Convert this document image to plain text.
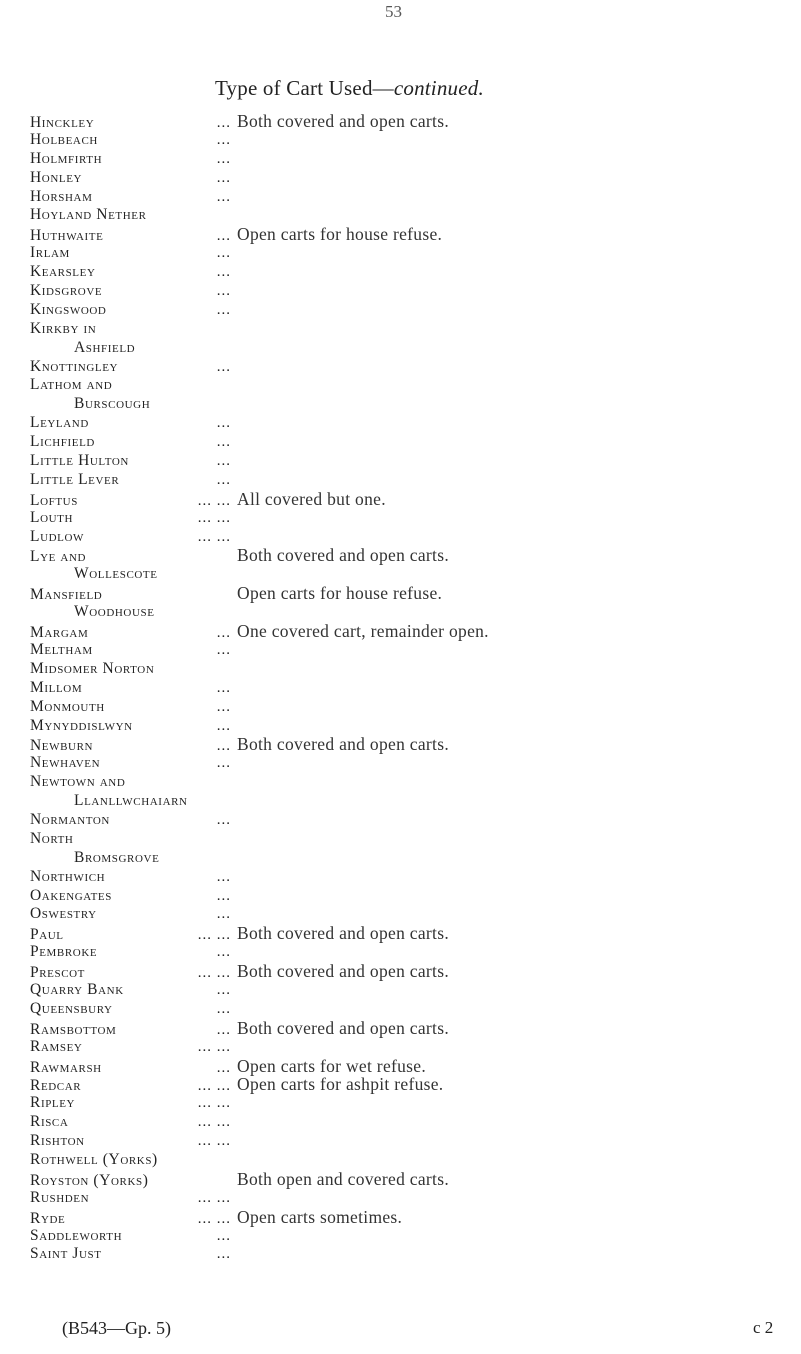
53
Type of Cart Used—continued.
Hinckley	... Both covered and open carts.
Holbeach	...
Holmfirth	...
Honley	...
Horsham	...
Hoyland Nether
Huthwaite	... Open carts for house refuse.
Irlam	...
Kearsley	...
Kidsgrove	...
Kingswood	...
Kirkby in
Ashfield
Knottingley	...
Lathom and
Burscough
Leyland	...
Lichfield	...
Little Hulton	...
Little Lever	...
Loftus	... ... All covered but one.
Louth	... ...
Ludlow	... ...
Lye and	Both covered and open carts.
Wollescote
Mansfield	Open carts for house refuse.
Woodhouse
Margam	... One covered cart, remainder open.
Meltham	...
Midsomer Norton
Millom	...
Monmouth	...
Mynyddislwyn	...
Newburn	... Both covered and open carts.
Newhaven	...
Newtown and
Llanllwchaiarn
Normanton	...
North
Bromsgrove
Northwich	...
Oakengates	...
Oswestry	...
Paul	... ... Both covered and open carts.
Pembroke	...
Prescot	... ... Both covered and open carts.
Quarry Bank	...
Queensbury	...
Ramsbottom	... Both covered and open carts.
Ramsey	... ...
Rawmarsh	... Open carts for wet refuse.
Redcar	... ... Open carts for ashpit refuse.
Ripley	... ...
Risca	... ...
Rishton	... ...
Rothwell (Yorks)
Royston (Yorks)	Both open and covered carts.
Rushden	... ...
Ryde	... ... Open carts sometimes.
Saddleworth	...
Saint Just	...
(B543—Gp. 5)	c 2
